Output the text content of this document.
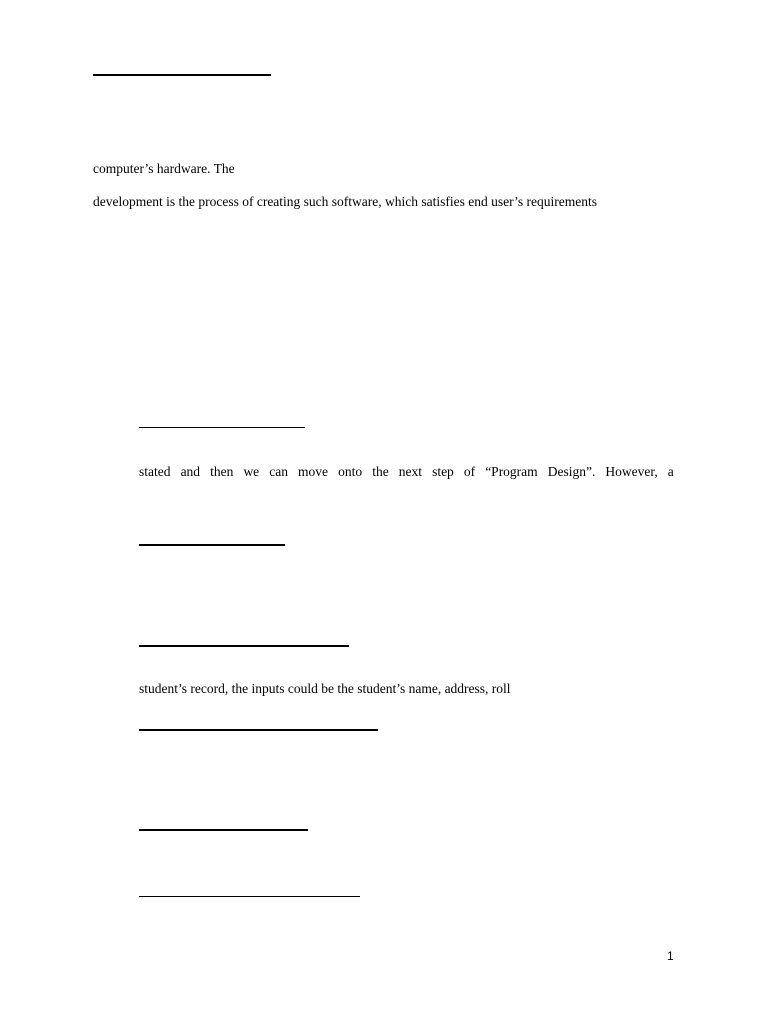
computer’s hardware. The
development is the process of creating such software, which satisfies end user’s requirements
stated and then we can move onto the next step of “Program Design”. However, a
student’s record, the inputs could be the student’s name, address, roll
1
